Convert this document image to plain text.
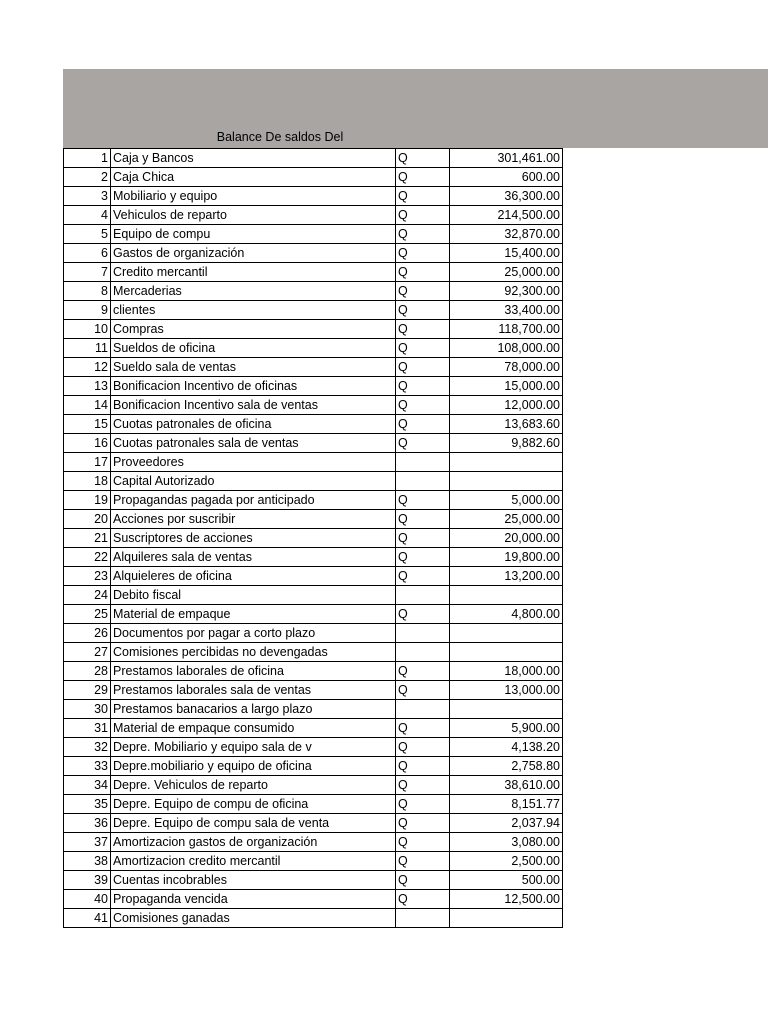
Balance De saldos Del
1	Caja y Bancos	Q	301,461.00
2	Caja Chica	Q	600.00
3	Mobiliario y equipo	Q	36,300.00
4	Vehiculos de reparto	Q	214,500.00
5	Equipo de compu	Q	32,870.00
6	Gastos de organización	Q	15,400.00
7	Credito mercantil	Q	25,000.00
8	Mercaderias	Q	92,300.00
9	clientes	Q	33,400.00
10	Compras	Q	118,700.00
11	Sueldos de oficina	Q	108,000.00
12	Sueldo sala de ventas	Q	78,000.00
13	Bonificacion Incentivo de oficinas	Q	15,000.00
14	Bonificacion Incentivo sala de ventas	Q	12,000.00
15	Cuotas patronales de oficina	Q	13,683.60
16	Cuotas patronales sala de ventas	Q	9,882.60
17	Proveedores		
18	Capital Autorizado		
19	Propagandas pagada por anticipado	Q	5,000.00
20	Acciones por suscribir	Q	25,000.00
21	Suscriptores de acciones	Q	20,000.00
22	Alquileres sala de ventas	Q	19,800.00
23	Alquieleres de oficina	Q	13,200.00
24	Debito fiscal		
25	Material de empaque	Q	4,800.00
26	Documentos por pagar a corto plazo		
27	Comisiones percibidas no devengadas		
28	Prestamos laborales de oficina	Q	18,000.00
29	Prestamos laborales sala de ventas	Q	13,000.00
30	Prestamos banacarios a largo plazo		
31	Material de empaque consumido	Q	5,900.00
32	Depre. Mobiliario y equipo sala de v	Q	4,138.20
33	Depre.mobiliario y equipo de oficina	Q	2,758.80
34	Depre. Vehiculos de reparto	Q	38,610.00
35	Depre. Equipo de compu de oficina	Q	8,151.77
36	Depre. Equipo de compu sala de venta	Q	2,037.94
37	Amortizacion gastos de organización	Q	3,080.00
38	Amortizacion credito mercantil	Q	2,500.00
39	Cuentas incobrables	Q	500.00
40	Propaganda vencida	Q	12,500.00
41	Comisiones ganadas		
